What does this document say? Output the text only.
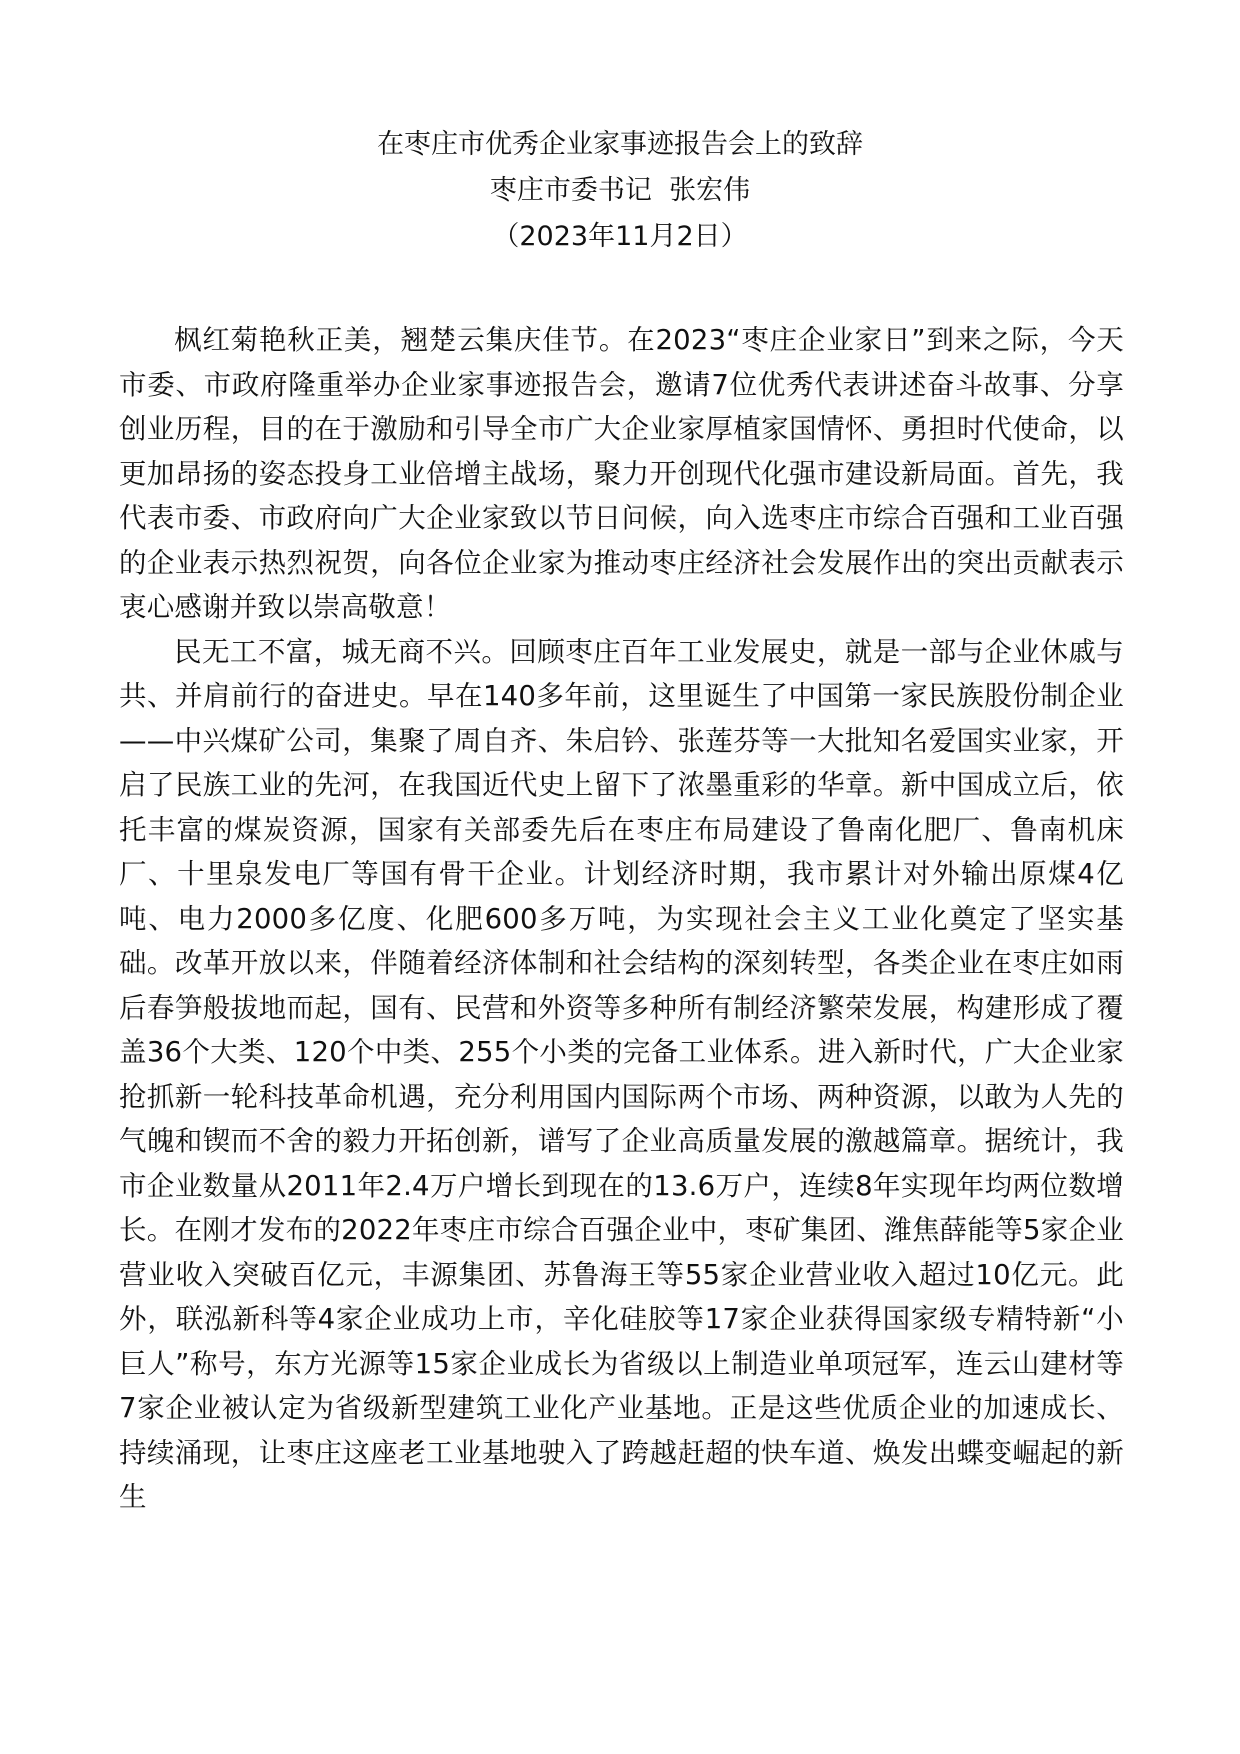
在枣庄市优秀企业家事迹报告会上的致辞
枣庄市委书记  张宏伟
（2023年11月2日）

枫红菊艳秋正美，翘楚云集庆佳节。在2023“枣庄企业家日”到来之际，今天市委、市政府隆重举办企业家事迹报告会，邀请7位优秀代表讲述奋斗故事、分享创业历程，目的在于激励和引导全市广大企业家厚植家国情怀、勇担时代使命，以更加昂扬的姿态投身工业倍增主战场，聚力开创现代化强市建设新局面。首先，我代表市委、市政府向广大企业家致以节日问候，向入选枣庄市综合百强和工业百强的企业表示热烈祝贺，向各位企业家为推动枣庄经济社会发展作出的突出贡献表示衷心感谢并致以崇高敬意！

民无工不富，城无商不兴。回顾枣庄百年工业发展史，就是一部与企业休戚与共、并肩前行的奋进史。早在140多年前，这里诞生了中国第一家民族股份制企业——中兴煤矿公司，集聚了周自齐、朱启钤、张莲芬等一大批知名爱国实业家，开启了民族工业的先河，在我国近代史上留下了浓墨重彩的华章。新中国成立后，依托丰富的煤炭资源，国家有关部委先后在枣庄布局建设了鲁南化肥厂、鲁南机床厂、十里泉发电厂等国有骨干企业。计划经济时期，我市累计对外输出原煤4亿吨、电力2000多亿度、化肥600多万吨，为实现社会主义工业化奠定了坚实基础。改革开放以来，伴随着经济体制和社会结构的深刻转型，各类企业在枣庄如雨后春笋般拔地而起，国有、民营和外资等多种所有制经济繁荣发展，构建形成了覆盖36个大类、120个中类、255个小类的完备工业体系。进入新时代，广大企业家抢抓新一轮科技革命机遇，充分利用国内国际两个市场、两种资源，以敢为人先的气魄和锲而不舍的毅力开拓创新，谱写了企业高质量发展的激越篇章。据统计，我市企业数量从2011年2.4万户增长到现在的13.6万户，连续8年实现年均两位数增长。在刚才发布的2022年枣庄市综合百强企业中，枣矿集团、潍焦薛能等5家企业营业收入突破百亿元，丰源集团、苏鲁海王等55家企业营业收入超过10亿元。此外，联泓新科等4家企业成功上市，辛化硅胶等17家企业获得国家级专精特新“小巨人”称号，东方光源等15家企业成长为省级以上制造业单项冠军，连云山建材等7家企业被认定为省级新型建筑工业化产业基地。正是这些优质企业的加速成长、持续涌现，让枣庄这座老工业基地驶入了跨越赶超的快车道、焕发出蝶变崛起的新生
